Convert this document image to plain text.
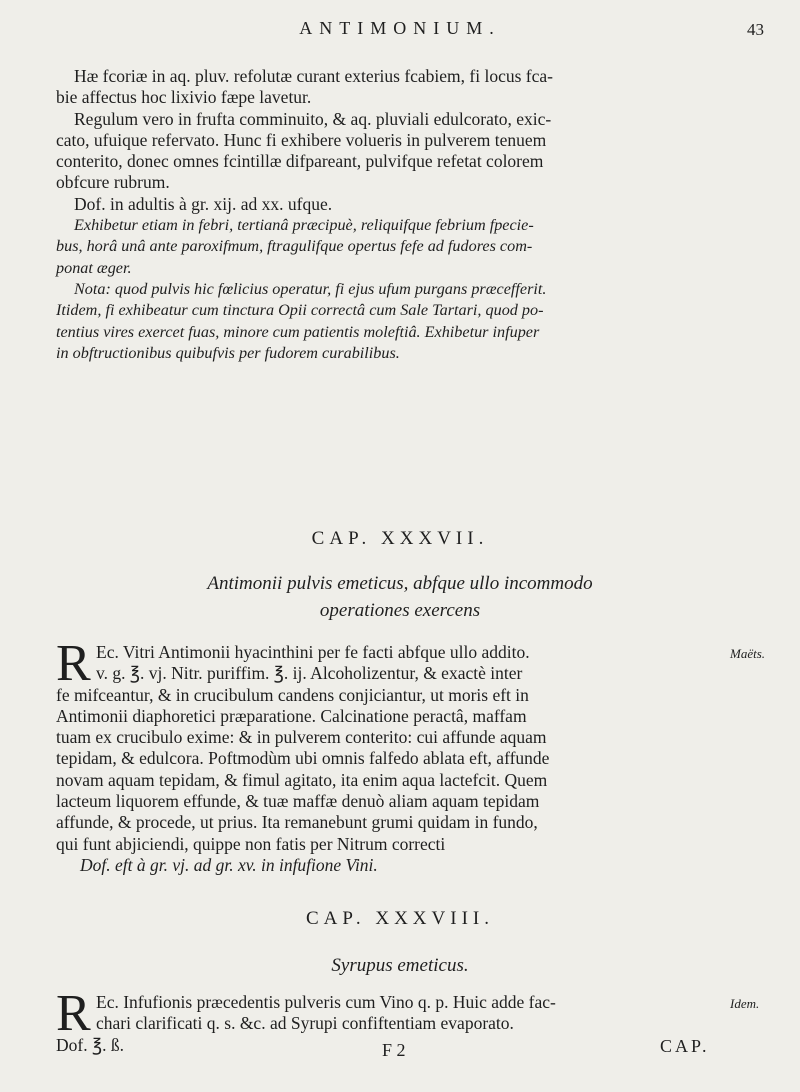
ANTIMONIUM.	43
Hæ fcoriæ in aq. pluv. refolutæ curant exterius fcabiem, fi locus fca-
bie affectus hoc lixivio fæpe lavetur.
Regulum vero in frufta comminuito, & aq. pluviali edulcorato, exic-
cato, ufuique refervato. Hunc fi exhibere volueris in pulverem tenuem
conterito, donec omnes fcintillæ difpareant, pulvifque refetat colorem
obfcure rubrum.
Dof. in adultis à gr. xij. ad xx. ufque.
Exhibetur etiam in febri, tertianâ præcipuè, reliquifque febrium fpecie-
bus, horâ unâ ante paroxifmum, ftragulifque opertus fefe ad fudores com-
ponat æger.
Nota: quod pulvis hic fœlicius operatur, fi ejus ufum purgans præcefferit.
Itidem, fi exhibeatur cum tinctura Opii correctâ cum Sale Tartari, quod po-
tentius vires exercet fuas, minore cum patientis moleftiâ. Exhibetur infuper
in obftructionibus quibufvis per fudorem curabilibus.
CAP. XXXVII.
Antimonii pulvis emeticus, abfque ullo incommodo
operationes exercens
R	Maëts.
Ec. Vitri Antimonii hyacinthini per fe facti abfque ullo addito.
v. g. ℥. vj. Nitr. puriffim. ℥. ij. Alcoholizentur, & exactè inter
fe mifceantur, & in crucibulum candens conjiciantur, ut moris eft in
Antimonii diaphoretici præparatione. Calcinatione peractâ, maffam
tuam ex crucibulo exime: & in pulverem conterito: cui affunde aquam
tepidam, & edulcora. Poftmodùm ubi omnis falfedo ablata eft, affunde
novam aquam tepidam, & fimul agitato, ita enim aqua lactefcit. Quem
lacteum liquorem effunde, & tuæ maffæ denuò aliam aquam tepidam
affunde, & procede, ut prius. Ita remanebunt grumi quidam in fundo,
qui funt abjiciendi, quippe non fatis per Nitrum correcti
Dof. eft à gr. vj. ad gr. xv. in infufione Vini.
CAP. XXXVIII.
Syrupus emeticus.
R	Idem.
Ec. Infufionis præcedentis pulveris cum Vino q. p. Huic adde fac-
chari clarificati q. s. &c. ad Syrupi confiftentiam evaporato.
Dof. ℥. ß.	F 2	CAP.
